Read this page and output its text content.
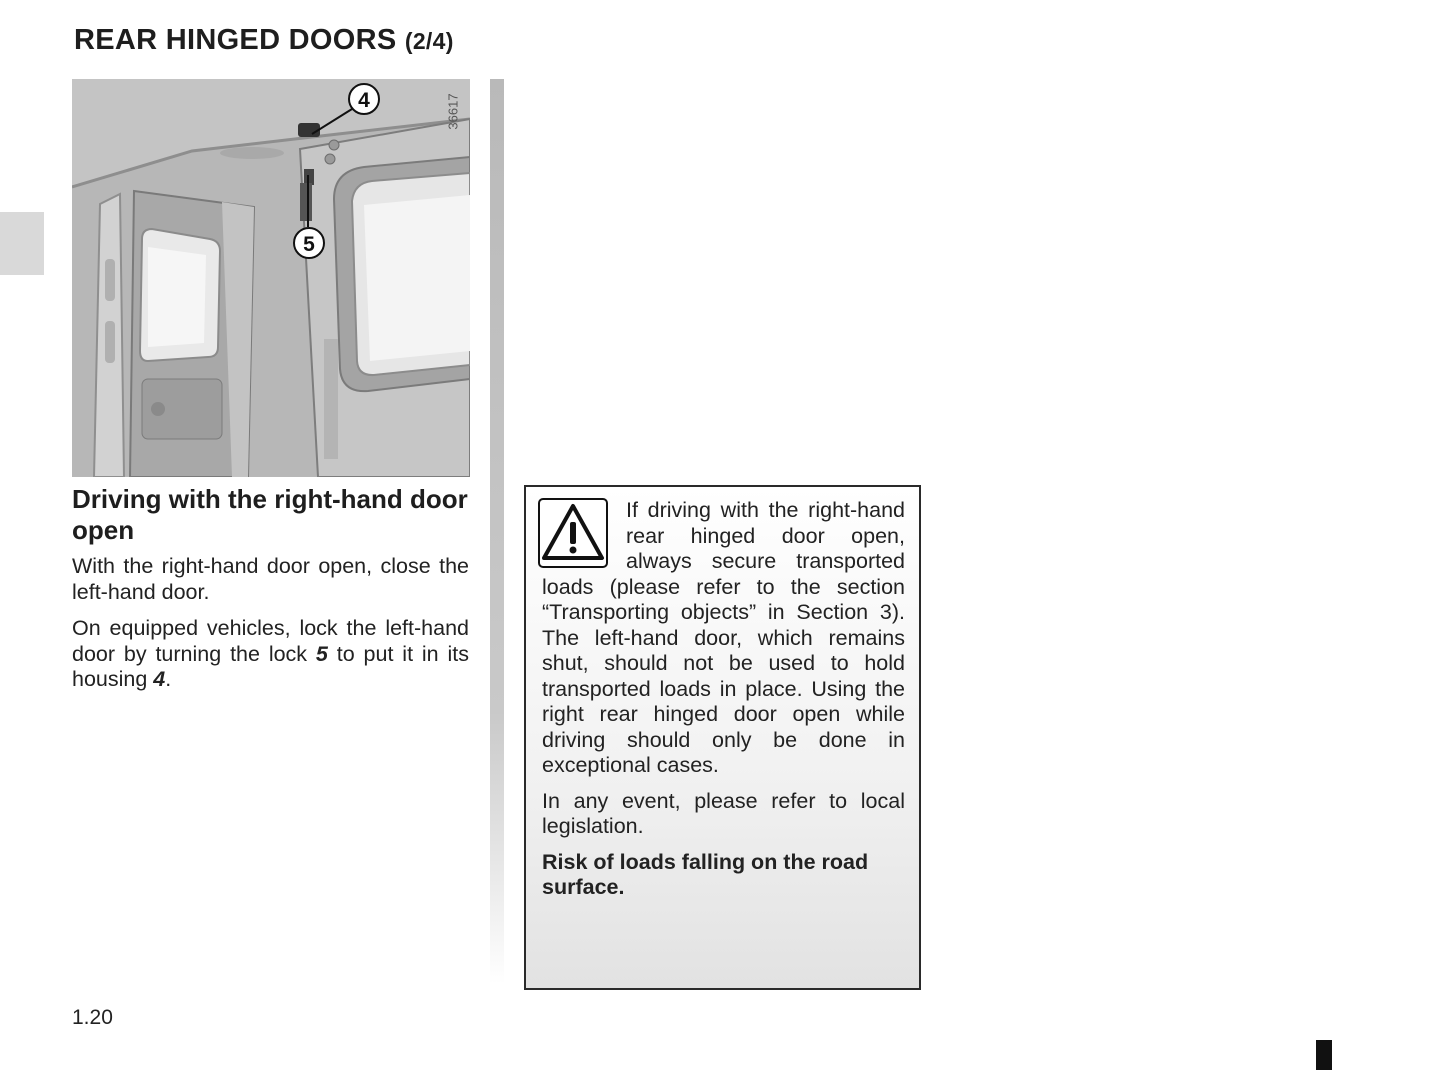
REAR HINGED DOORS (2/4)
4
5
36617
Driving with the right-hand door open

With the right-hand door open, close the left-hand door.

On equipped vehicles, lock the left-hand door by turning the lock 5 to put it in its housing 4.

If driving with the right-hand rear hinged door open, always secure transported loads (please refer to the section “Transporting objects” in Section 3). The left-hand door, which remains shut, should not be used to hold transported loads in place. Using the right rear hinged door open while driving should only be done in exceptional cases.

In any event, please refer to local legislation.

Risk of loads falling on the road surface.

1.20
